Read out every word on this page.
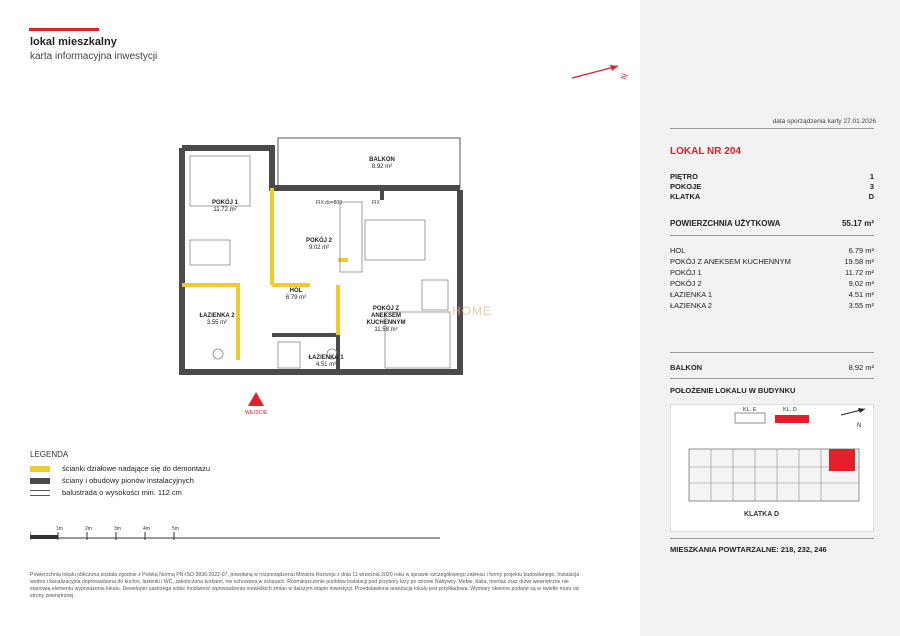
lokal mieszkalny
karta informacyjna inwestycji
BALKON
8.92 m²
POKÓJ 1
11.72 m²
POKÓJ 2
9.02 m²
HOL
6.79 m²
ŁAZIENKA 2
3.55 m²
ŁAZIENKA 1
4.51 m²
POKÓJ Z ANEKSEM KUCHENNYM
11.58 m²
FIX do=800	FIX
WEJŚCIE
HOME
LEGENDA
ścianki działowe nadające się do demontażu
ściany i obudowy pionów instalacyjnych
balustrada o wysokości min. 112 cm
1m	2m	3m	4m	5m
Powierzchnia lokalu obliczona została zgodnie z Polską Normą PN-ISO 9836:2022-07, powołaną w rozporządzeniu Ministra Rozwoju z dnia 11 września 2020 roku w sprawie szczegółowego zakresu i formy projektu budowlanego. Instalacja wodna i kanalizacyjna doprowadzona do kuchni, łazienki i WC, zakończona korkami, nie schowana w ścianach. Rozmieszczenie punktów instalacji pod przybory leży po stronie Nabywcy. Meble, balia, montaż oraz drzwi wewnętrzne nie stanowią elementu wyposażenia lokalu. Deweloper zastrzega sobie możliwość wprowadzenia niewielkich zmian w dalszym etapie inwestycji. Przedstawiona aranżacja lokalu jest przykładowa. Wymiary okienne podane są w świetle muru od strony zewnętrznej.
N
data sporządzenia karty 27.01.2026
LOKAL NR 204
PIĘTRO	1
POKOJE	3
KLATKA	D
POWIERZCHNIA UŻYTKOWA	55.17 m²
HOL	6.79 m²
POKÓJ Z ANEKSEM KUCHENNYM	19.58 m²
POKÓJ 1	11.72 m²
POKÓJ 2	9.02 m²
ŁAZIENKA 1	4.51 m²
ŁAZIENKA 2	3.55 m²
BALKON	8.92 m²
POŁOŻENIE LOKALU W BUDYNKU
N
KL. E	KL. D
KLATKA D
MIESZKANIA POWTARZALNE: 218, 232, 246
